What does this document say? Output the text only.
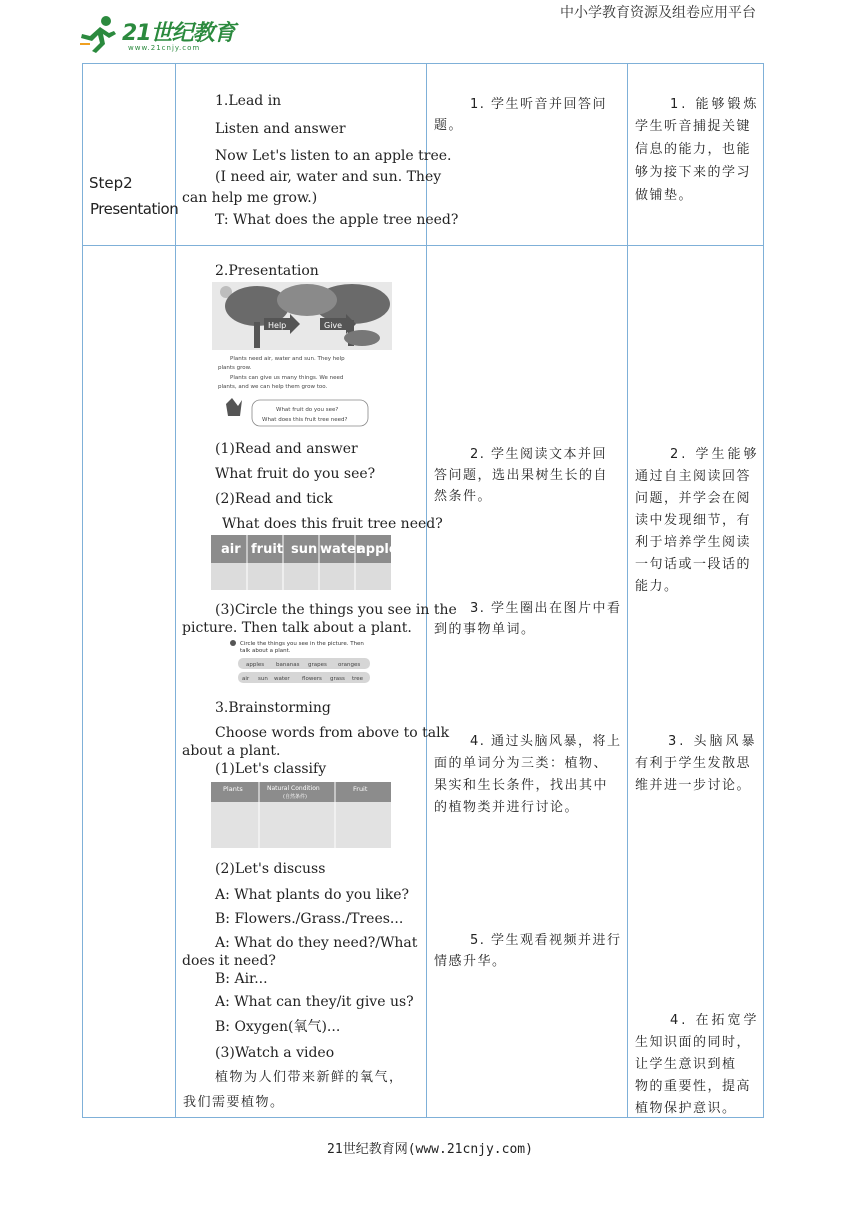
中小学教育资源及组卷应用平台
21世纪教育
www.21cnjy.com
Step2
Presentation
1.Lead in
Listen and answer
Now Let's listen to an apple tree.
(I need air, water and sun. They
can help me grow.)
T: What does the apple tree need?
1. 学生听音并回答问
题。
1. 能够锻炼
学生听音捕捉关键
信息的能力，也能
够为接下来的学习
做铺垫。
2.Presentation
Help	Give
Plants need air, water and sun. They help
plants grow.
Plants can give us many things. We need
plants, and we can help them grow too.
What fruit do you see?
What does this fruit tree need?
(1)Read and answer
What fruit do you see?
(2)Read and tick
What does this fruit tree need?
air fruit sun water
apple
(3)Circle the things you see in the
picture. Then talk about a plant.
Circle the things you see in the picture. Then
talk about a plant.
apples bananas grapes oranges
air sun water flowers grass tree
3.Brainstorming
Choose words from above to talk
about a plant.
(1)Let's classify
Plants	Natural Condition
(自然条件)
Fruit
(2)Let's discuss
A: What plants do you like?
B: Flowers./Grass./Trees...
A: What do they need?/What
does it need?
B: Air...
A: What can they/it give us?
B: Oxygen(氧气)...
(3)Watch a video
植物为人们带来新鲜的氧气，
我们需要植物。
2. 学生阅读文本并回
答问题，选出果树生长的自
然条件。
3. 学生圈出在图片中看
到的事物单词。
4. 通过头脑风暴，将上
面的单词分为三类：植物、
果实和生长条件，找出其中
的植物类并进行讨论。
5. 学生观看视频并进行
情感升华。
2. 学生能够
通过自主阅读回答
问题，并学会在阅
读中发现细节，有
利于培养学生阅读
一句话或一段话的
能力。
3. 头脑风暴
有利于学生发散思
维并进一步讨论。
4. 在拓宽学
生知识面的同时，
让学生意识到植
物的重要性，提高
植物保护意识。
21世纪教育网(www.21cnjy.com)
